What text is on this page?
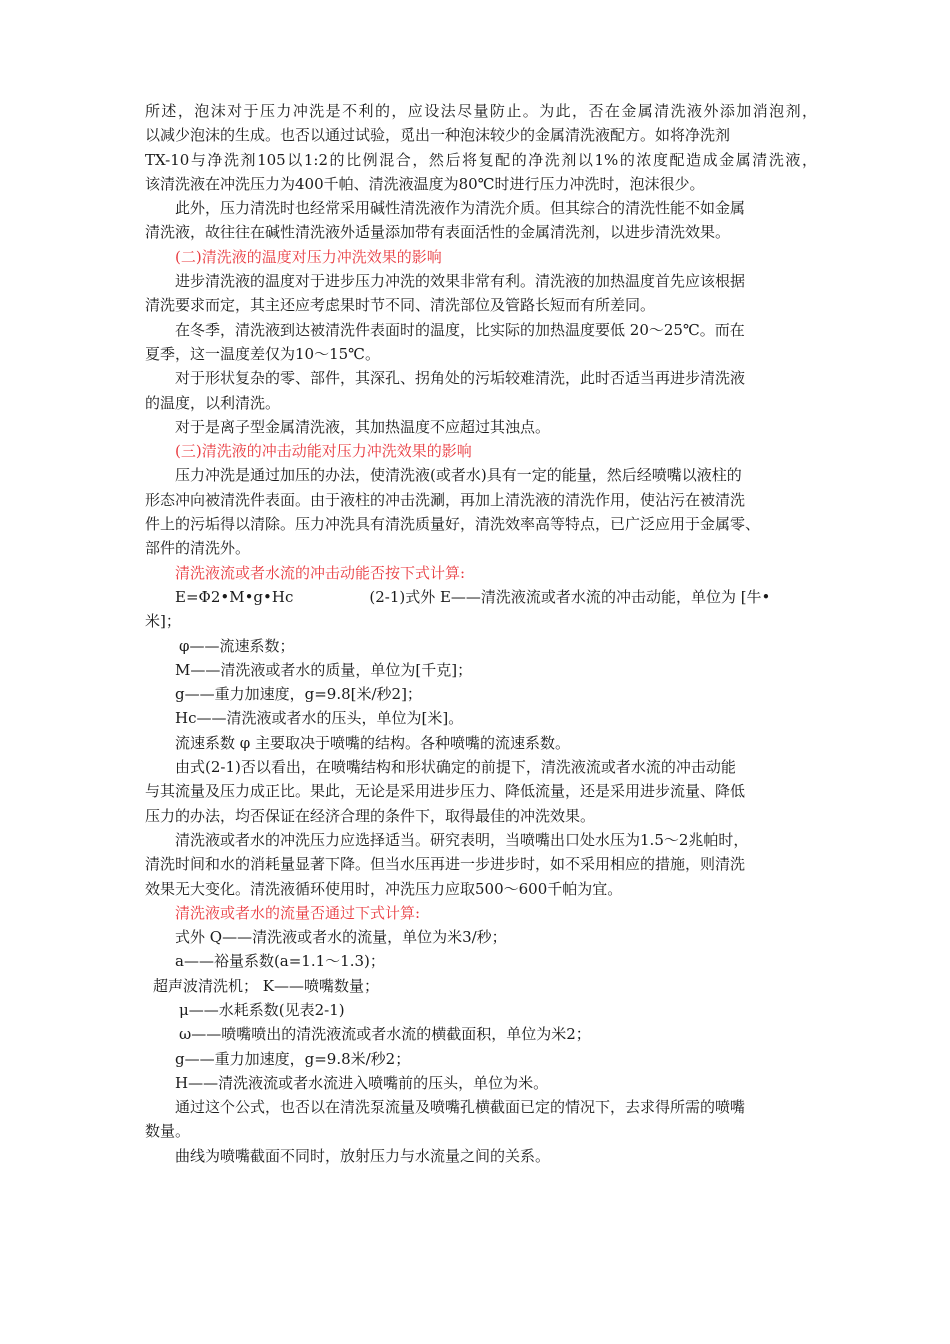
所述，泡沫对于压力冲洗是不利的，应设法尽量防止。为此，否在金属清洗液外添加消泡剂，
以减少泡沫的生成。也否以通过试验，觅出一种泡沫较少的金属清洗液配方。如将净洗剂
TX-10与净洗剂105以1:2的比例混合，然后将复配的净洗剂以1%的浓度配造成金属清洗液，
该清洗液在冲洗压力为400千帕、清洗液温度为80℃时进行压力冲洗时，泡沫很少。
此外，压力清洗时也经常采用碱性清洗液作为清洗介质。但其综合的清洗性能不如金属
清洗液，故往往在碱性清洗液外适量添加带有表面活性的金属清洗剂，以进步清洗效果。
(二)清洗液的温度对压力冲洗效果的影响
进步清洗液的温度对于进步压力冲洗的效果非常有利。清洗液的加热温度首先应该根据
清洗要求而定，其主还应考虑果时节不同、清洗部位及管路长短而有所差同。
在冬季，清洗液到达被清洗件表面时的温度，比实际的加热温度要低 20～25℃。而在
夏季，这一温度差仅为10～15℃。
对于形状复杂的零、部件，其深孔、拐角处的污垢较难清洗，此时否适当再进步清洗液
的温度，以利清洗。
对于是离子型金属清洗液，其加热温度不应超过其浊点。
(三)清洗液的冲击动能对压力冲洗效果的影响
压力冲洗是通过加压的办法，使清洗液(或者水)具有一定的能量，然后经喷嘴以液柱的
形态冲向被清洗件表面。由于液柱的冲击洗涮，再加上清洗液的清洗作用，使沾污在被清洗
件上的污垢得以清除。压力冲洗具有清洗质量好，清洗效率高等特点，已广泛应用于金属零、
部件的清洗外。
清洗液流或者水流的冲击动能否按下式计算:
E=Φ2•M•g•Hc	(2-1)式外 E——清洗液流或者水流的冲击动能，单位为 [牛•
米]；
φ——流速系数；
M——清洗液或者水的质量，单位为[千克]；
g——重力加速度，g=9.8[米/秒2]；
Hc——清洗液或者水的压头，单位为[米]。
流速系数 φ 主要取决于喷嘴的结构。各种喷嘴的流速系数。
由式(2-1)否以看出，在喷嘴结构和形状确定的前提下，清洗液流或者水流的冲击动能
与其流量及压力成正比。果此，无论是采用进步压力、降低流量，还是采用进步流量、降低
压力的办法，均否保证在经济合理的条件下，取得最佳的冲洗效果。
清洗液或者水的冲洗压力应选择适当。研究表明，当喷嘴出口处水压为1.5～2兆帕时，
清洗时间和水的消耗量显著下降。但当水压再进一步进步时，如不采用相应的措施，则清洗
效果无大变化。清洗液循环使用时，冲洗压力应取500～600千帕为宜。
清洗液或者水的流量否通过下式计算:
式外 Q——清洗液或者水的流量，单位为米3/秒；
a——裕量系数(a=1.1～1.3)；
超声波清洗机； K——喷嘴数量；
μ——水耗系数(见表2-1)
ω——喷嘴喷出的清洗液流或者水流的横截面积，单位为米2；
g——重力加速度，g=9.8米/秒2；
H——清洗液流或者水流进入喷嘴前的压头，单位为米。
通过这个公式，也否以在清洗泵流量及喷嘴孔横截面已定的情况下，去求得所需的喷嘴
数量。
曲线为喷嘴截面不同时，放射压力与水流量之间的关系。
